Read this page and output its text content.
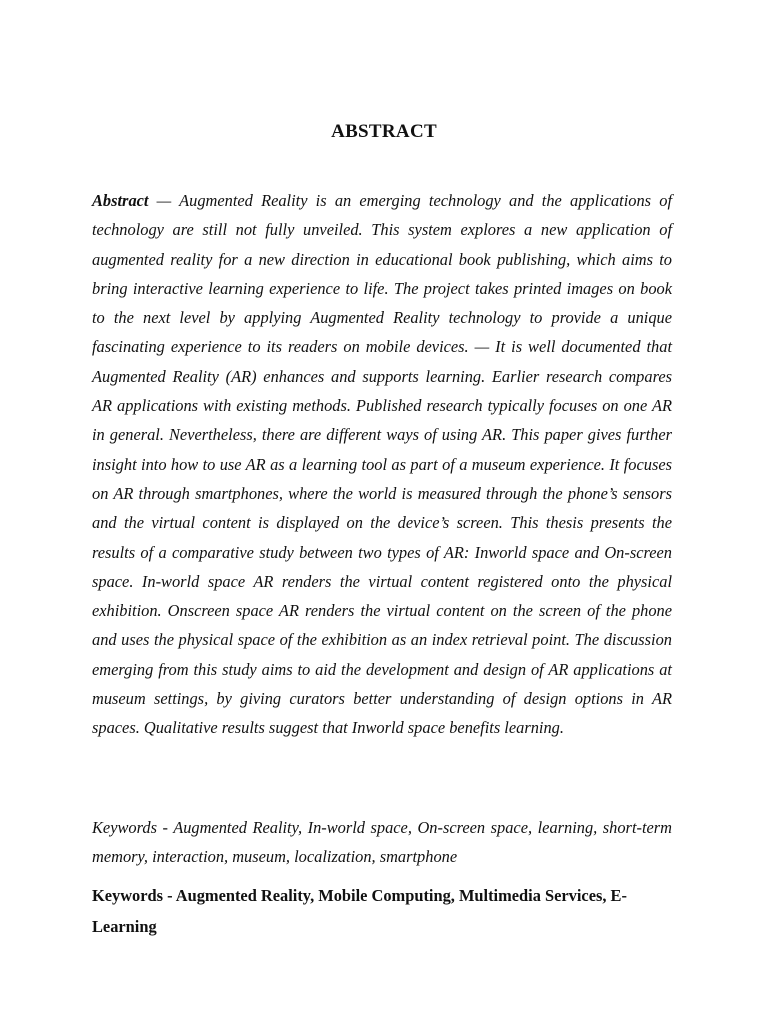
ABSTRACT

Abstract — Augmented Reality is an emerging technology and the applications of technology are still not fully unveiled. This system explores a new application of augmented reality for a new direction in educational book publishing, which aims to bring interactive learning experience to life. The project takes printed images on book to the next level by applying Augmented Reality technology to provide a unique fascinating experience to its readers on mobile devices. — It is well documented that Augmented Reality (AR) enhances and supports learning. Earlier research compares AR applications with existing methods. Published research typically focuses on one AR in general. Nevertheless, there are different ways of using AR. This paper gives further insight into how to use AR as a learning tool as part of a museum experience. It focuses on AR through smartphones, where the world is measured through the phone’s sensors and the virtual content is displayed on the device’s screen. This thesis presents the results of a comparative study between two types of AR: Inworld space and On-screen space. In-world space AR renders the virtual content registered onto the physical exhibition. Onscreen space AR renders the virtual content on the screen of the phone and uses the physical space of the exhibition as an index retrieval point. The discussion emerging from this study aims to aid the development and design of AR applications at museum settings, by giving curators better understanding of design options in AR spaces. Qualitative results suggest that Inworld space benefits learning.

Keywords - Augmented Reality, In-world space, On-screen space, learning, short-term memory, interaction, museum, localization, smartphone

Keywords - Augmented Reality, Mobile Computing, Multimedia Services, E-Learning
